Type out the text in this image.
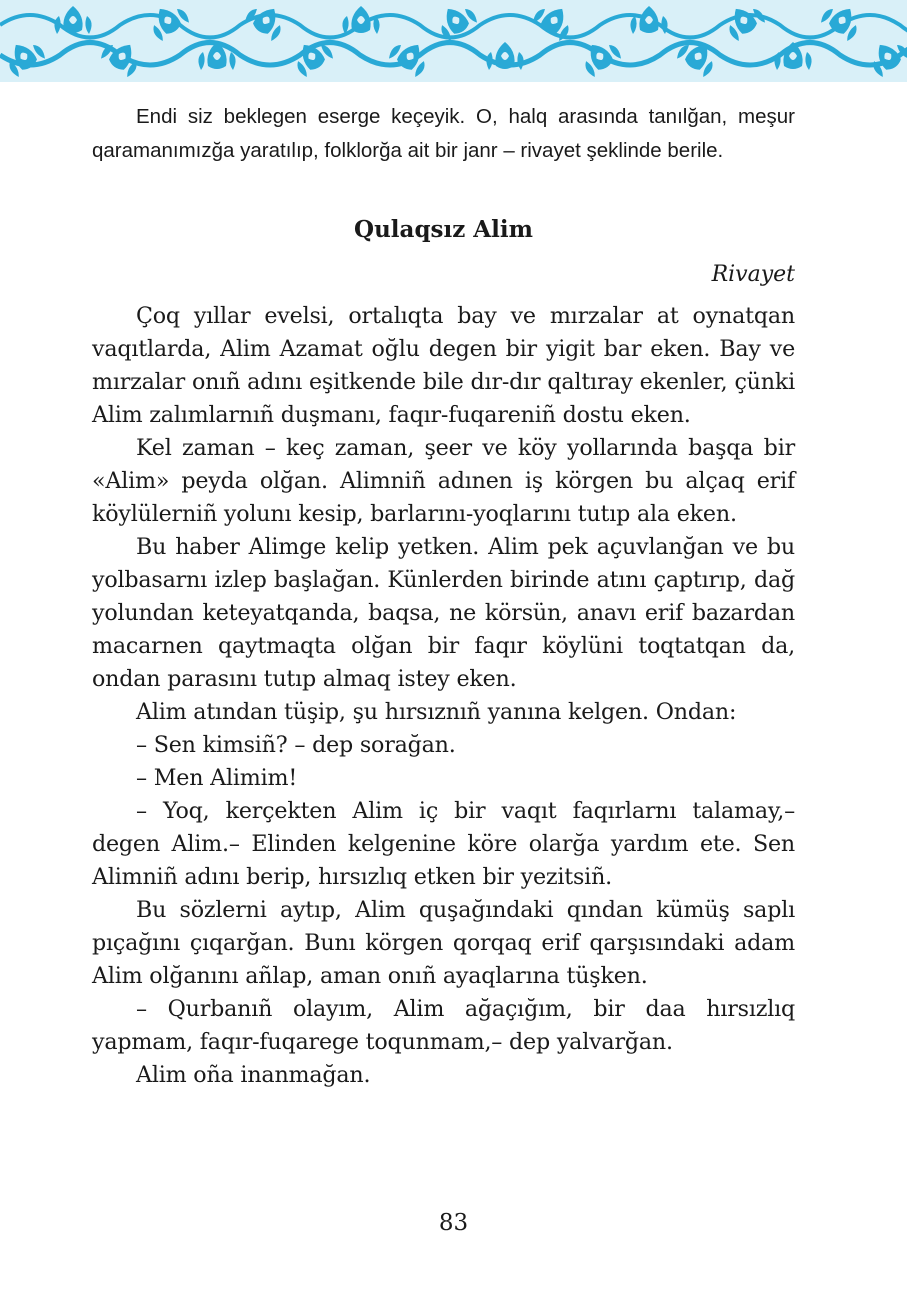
Endi siz beklegen eserge keçeyik. O, halq arasında tanılğan, meşur qaramanımızğa yaratılıp, folklorğa ait bir janr – rivayet şeklinde berile.

Qulaqsız Alim
Rivayet

Çoq yıllar evelsi, ortalıqta bay ve mırzalar at oynatqan vaqıtlarda, Alim Azamat oğlu degen bir yigit bar eken. Bay ve mırzalar onıñ adını eşitkende bile dır-dır qaltıray ekenler, çünki Alim zalımlarnıñ duşmanı, faqır-fuqareniñ dostu eken.

Kel zaman – keç zaman, şeer ve köy yollarında başqa bir «Alim» peyda olğan. Alimniñ adınen iş körgen bu alçaq erif köylülerniñ yolunı kesip, barlarını-yoqlarını tutıp ala eken.

Bu haber Alimge kelip yetken. Alim pek açuvlanğan ve bu yolbasarnı izlep başlağan. Künlerden birinde atını çaptırıp, dağ yolundan keteyatqanda, baqsa, ne körsün, anavı erif bazardan macarnen qaytmaqta olğan bir faqır köylüni toqtatqan da, ondan parasını tutıp almaq istey eken.

Alim atından tüşip, şu hırsıznıñ yanına kelgen. Ondan:

– Sen kimsiñ? – dep sorağan.

– Men Alimim!

– Yoq, kerçekten Alim iç bir vaqıt faqırlarnı talamay,– degen Alim.– Elinden kelgenine köre olarğa yardım ete. Sen Alimniñ adını berip, hırsızlıq etken bir yezitsiñ.

Bu sözlerni aytıp, Alim quşağındaki qından kümüş saplı pıçağını çıqarğan. Bunı körgen qorqaq erif qarşısındaki adam Alim olğanını añlap, aman onıñ ayaqlarına tüşken.

– Qurbanıñ olayım, Alim ağaçığım, bir daa hırsızlıq yapmam, faqır-fuqarege toqunmam,– dep yalvarğan.

Alim oña inanmağan.

83
